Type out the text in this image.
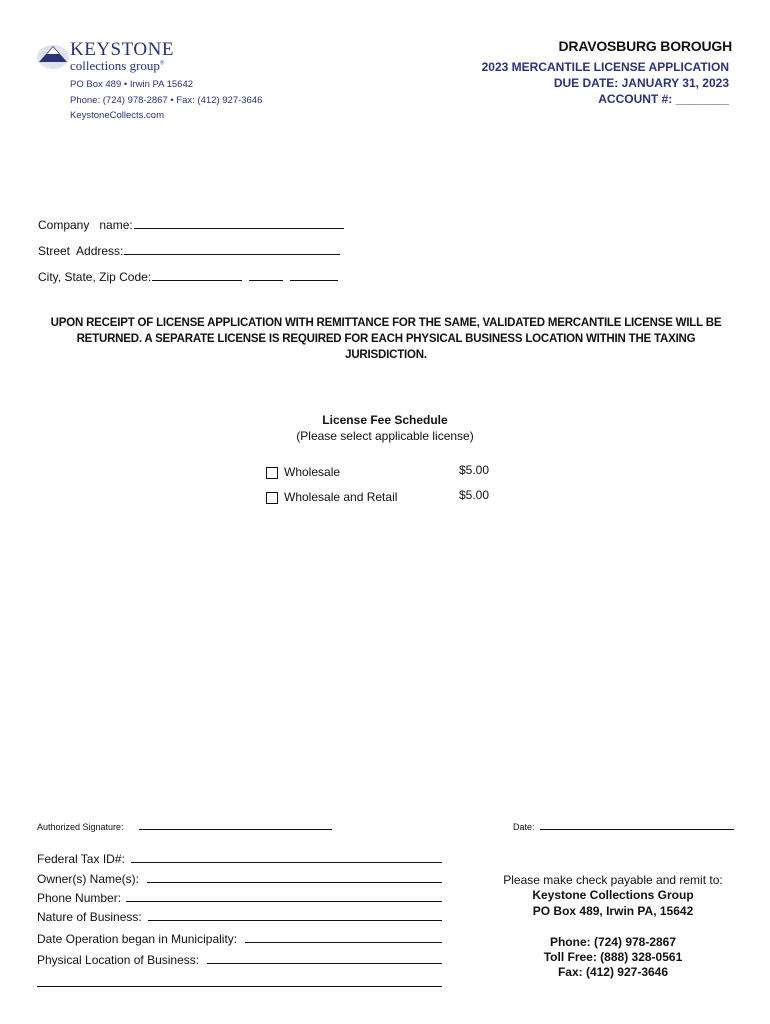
KEYSTONE
collections group®
PO Box 489 • Irwin PA 15642
Phone: (724) 978-2867 • Fax: (412) 927-3646
KeystoneCollects.com
DRAVOSBURG BOROUGH
2023 MERCANTILE LICENSE APPLICATION
DUE DATE: JANUARY 31, 2023
ACCOUNT #: ________
Company   name:
Street  Address:
City, State, Zip Code:
UPON RECEIPT OF LICENSE APPLICATION WITH REMITTANCE FOR THE SAME, VALIDATED MERCANTILE LICENSE WILL BE RETURNED. A SEPARATE LICENSE IS REQUIRED FOR EACH PHYSICAL BUSINESS LOCATION WITHIN THE TAXING JURISDICTION.
License Fee Schedule
(Please select applicable license)
Wholesale	$5.00
Wholesale and Retail	$5.00
Authorized Signature:	Date:
Federal Tax ID#:
Owner(s) Name(s):
Phone Number:
Nature of Business:
Date Operation began in Municipality:
Physical Location of Business:
Please make check payable and remit to:
Keystone Collections Group
PO Box 489, Irwin PA, 15642
Phone: (724) 978-2867
Toll Free: (888) 328-0561
Fax: (412) 927-3646
